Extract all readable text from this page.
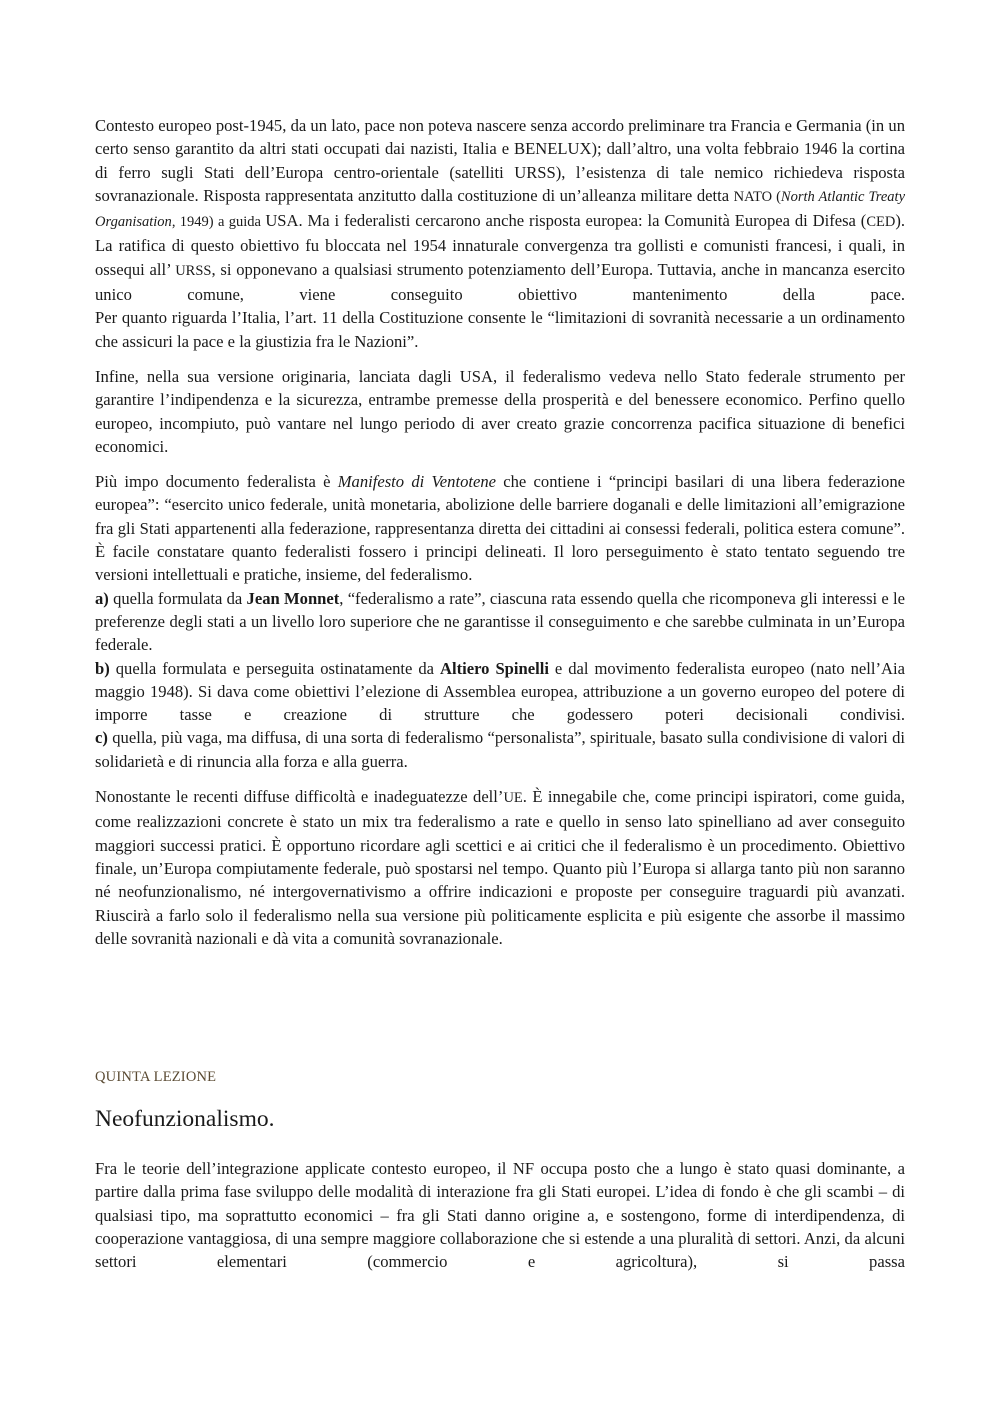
Contesto europeo post-1945, da un lato, pace non poteva nascere senza accordo preliminare tra Francia e Germania (in un certo senso garantito da altri stati occupati dai nazisti, Italia e BENELUX); dall’altro, una volta febbraio 1946 la cortina di ferro sugli Stati dell’Europa centro-orientale (satelliti URSS), l’esistenza di tale nemico richiedeva risposta sovranazionale. Risposta rappresentata anzitutto dalla costituzione di un’alleanza militare detta NATO (North Atlantic Treaty Organisation, 1949) a guida USA. Ma i federalisti cercarono anche risposta europea: la Comunità Europea di Difesa (CED). La ratifica di questo obiettivo fu bloccata nel 1954 innaturale convergenza tra gollisti e comunisti francesi, i quali, in ossequi all’ URSS, si opponevano a qualsiasi strumento potenziamento dell’Europa. Tuttavia, anche in mancanza esercito unico comune, viene conseguito obiettivo mantenimento della pace.

Per quanto riguarda l’Italia, l’art. 11 della Costituzione consente le “limitazioni di sovranità necessarie a un ordinamento che assicuri la pace e la giustizia fra le Nazioni”.

Infine, nella sua versione originaria, lanciata dagli USA, il federalismo vedeva nello Stato federale strumento per garantire l’indipendenza e la sicurezza, entrambe premesse della prosperità e del benessere economico. Perfino quello europeo, incompiuto, può vantare nel lungo periodo di aver creato grazie concorrenza pacifica situazione di benefici economici.

Più impo documento federalista è Manifesto di Ventotene che contiene i “principi basilari di una libera federazione europea”: “esercito unico federale, unità monetaria, abolizione delle barriere doganali e delle limitazioni all’emigrazione fra gli Stati appartenenti alla federazione, rappresentanza diretta dei cittadini ai consessi federali, politica estera comune”. È facile constatare quanto federalisti fossero i principi delineati. Il loro perseguimento è stato tentato seguendo tre versioni intellettuali e pratiche, insieme, del federalismo.

a) quella formulata da Jean Monnet, “federalismo a rate”, ciascuna rata essendo quella che ricomponeva gli interessi e le preferenze degli stati a un livello loro superiore che ne garantisse il conseguimento e che sarebbe culminata in un’Europa federale.

b) quella formulata e perseguita ostinatamente da Altiero Spinelli e dal movimento federalista europeo (nato nell’Aia maggio 1948). Si dava come obiettivi l’elezione di Assemblea europea, attribuzione a un governo europeo del potere di imporre tasse e creazione di strutture che godessero poteri decisionali condivisi.

c) quella, più vaga, ma diffusa, di una sorta di federalismo “personalista”, spirituale, basato sulla condivisione di valori di solidarietà e di rinuncia alla forza e alla guerra.

Nonostante le recenti diffuse difficoltà e inadeguatezze dell’UE. È innegabile che, come principi ispiratori, come guida, come realizzazioni concrete è stato un mix tra federalismo a rate e quello in senso lato spinelliano ad aver conseguito maggiori successi pratici. È opportuno ricordare agli scettici e ai critici che il federalismo è un procedimento. Obiettivo finale, un’Europa compiutamente federale, può spostarsi nel tempo. Quanto più l’Europa si allarga tanto più non saranno né neofunzionalismo, né intergovernativismo a offrire indicazioni e proposte per conseguire traguardi più avanzati. Riuscirà a farlo solo il federalismo nella sua versione più politicamente esplicita e più esigente che assorbe il massimo delle sovranità nazionali e dà vita a comunità sovranazionale.

QUINTA LEZIONE
Neofunzionalismo.

Fra le teorie dell’integrazione applicate contesto europeo, il NF occupa posto che a lungo è stato quasi dominante, a partire dalla prima fase sviluppo delle modalità di interazione fra gli Stati europei. L’idea di fondo è che gli scambi – di qualsiasi tipo, ma soprattutto economici – fra gli Stati danno origine a, e sostengono, forme di interdipendenza, di cooperazione vantaggiosa, di una sempre maggiore collaborazione che si estende a una pluralità di settori. Anzi, da alcuni settori elementari (commercio e agricoltura), si passa
